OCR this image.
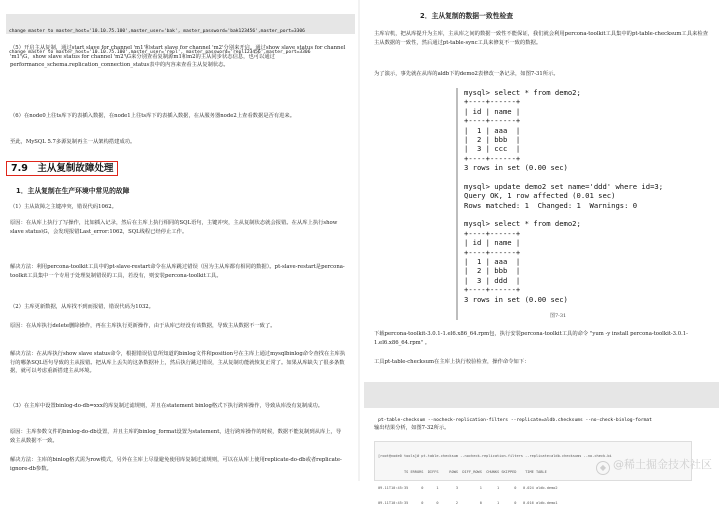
change master to master_host='10.10.75.100',master_user='bak', master_password='bak123456',master_port=3306

change master to master_host='10.10.75.100',master_user='repl', master_password='repl123456',master_port=3306

（5）开启主从复制，通过start slave for channel 'm1'和start slave for channel 'm2'分别来开启。通过show slave status for channel 'm1'\G，show slave status for channel 'm2'\G来分别查看复制源m1和m2的主从同步状态信息，也可以通过performance_schema.replication_connection_status表中的内容来查看主从复制状态。

（6）在node0上往ts库下的表插入数据，在node1上往ts库下的表插入数据，在从服务器node2上查看数据是否有进来。

至此，MySQL 5.7多源复制再主一从架构搭建成功。

7.9　主从复制故障处理
1．主从复制在生产环境中常见的故障

（1）主从故障之主键冲突，错误代码1062。

原因：在从库上执行了写操作，比如插入记录，然后在主库上执行相同的SQL语句，主键冲突，主从复制状态就会报错。在从库上执行show slave status\G，会发现报错Last_error:1062，SQL线程已经停止工作。

解决方法：利用percona-toolkit工具中的pt-slave-restart命令在从库跳过错误（因为主从库都有相同的数据）。pt-slave-restart是percona-toolkit工具集中一个专用于处理复制错误的工具，若没有，则安装percona-toolkit工具。

（2）主库更新数据，从库找不到而报错，错误代码为1032。

原因：在从库执行delete删除操作，再在主库执行更新操作，由于从库已经没有该数据，导致主从数据不一致了。

解决方法：在从库执行show slave status命令，根据错误信息所知道的binlog文件和position号在主库上通过mysqlbinlog命令查找在主库执行的哪条SQL语句导致的主从报错。把从库上丢失的这条数据补上，然后执行跳过错误，主从复制功能就恢复正常了。如果从库缺失了很多条数据，就可以考虑重新搭建主从环境。

（3）在主库中设置binlog-do-db=xxx的库复制过滤规则，并且在statement binlog格式下执行跨库操作，导致从库没有复制成功。

原因：主库参数文件的binlog-do-db设置，并且主库的binlog_format设置为statement，进行跨库操作的时候，数据不能复制到从库上，导致主从数据不一致。

解决方法：主库的binlog格式需为row模式，另外在主库上尽量避免使用库复制过滤规则，可以在从库上使用replicate-do-db或者replicate-ignore-db参数。

2．主从复制的数据一致性检查

主库宕机，把从库提升为主库，主从库之间的数据一致性不能保证，我们就会利用percona-toolkit工具集中的pt-table-checksum工具来检查主从数据的一致性，然后通过pt-table-sync工具来修复不一致的数据。

为了演示，事先就在从库的aldb下的demo2表修改一条记录，如图7-31所示。

mysql> select * from demo2;
+----+------+
| id | name |
+----+------+
|  1 | aaa  |
|  2 | bbb  |
|  3 | ccc  |
+----+------+
3 rows in set (0.00 sec)
mysql> update demo2 set name='ddd' where id=3;
Query OK, 1 row affected (0.01 sec)
Rows matched: 1  Changed: 1  Warnings: 0
mysql> select * from demo2;
+----+------+
| id | name |
+----+------+
|  1 | aaa  |
|  2 | bbb  |
|  3 | ddd  |
+----+------+
3 rows in set (0.00 sec)
图7-31

下载percona-toolkit-3.0.1-1.el6.x86_64.rpm包，执行安装percona-toolkit工具的命令 "yum -y install percona-toolkit-3.0.1-1.el6.x86_64.rpm" 。

工具pt-table-checksum在主库上执行校验检查，操作命令如下：

pt-table-checksum --nocheck-replication-filters --replicate=aldb.checksums --no-check-binlog-format

输出结果分析，如图7-32所示。

[root@node0 tools]# pt-table-checksum --nocheck-replication-filters --replicate=aldb.checksums --no-check-bi

TS ERRORS  DIFFS     ROWS  DIFF_ROWS  CHUNKS SKIPPED    TIME TABLE

09-11T10:45:35      0      1        3          1       1       0   0.024 aldb.demo2

09-11T10:45:35      0      0        2          0       1       0   0.016 aldb.demo1

◆ @稀土掘金技术社区
